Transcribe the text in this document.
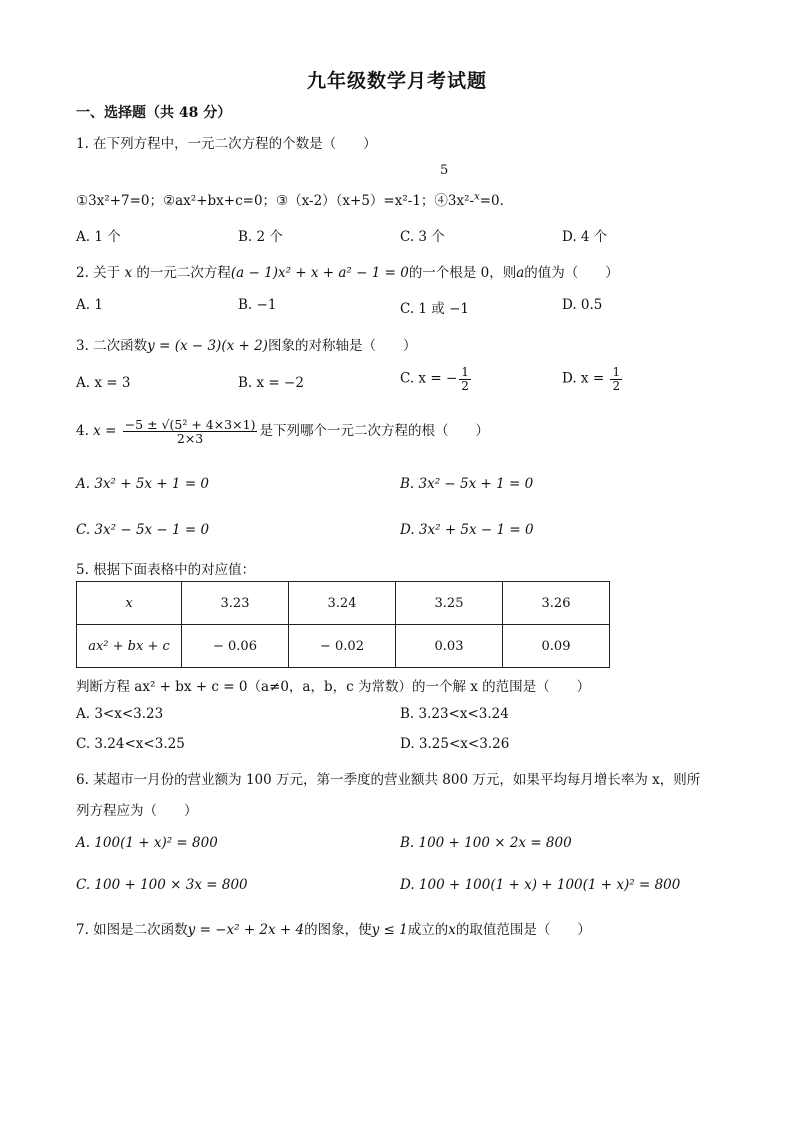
九年级数学月考试题
一、选择题（共 48 分）
1. 在下列方程中，一元二次方程的个数是（　　）
5
①3x²+7=0；②ax²+bx+c=0；③（x-2）（x+5）=x²-1；④3x²-$^x$=0.
A. 1 个	B. 2 个	C. 3 个	D. 4 个
2. 关于 x 的一元二次方程(a − 1)x² + x + a² − 1 = 0的一个根是 0，则a的值为（　　）
A. 1	B. −1	C. 1 或 −1	D. 0.5
3. 二次函数y = (x − 3)(x + 2)图象的对称轴是（　　）
A. x = 3	B. x = −2	C. x = − $\frac{1}{2}$	D. $x = \frac{1}{2}$
4. $x = \frac{\text{−5 ± √(5² + 4×3×1)}}{2\times 3}$ 是下列哪个一元二次方程的根（　　）
A. 3x² + 5x + 1 = 0	B. 3x² − 5x + 1 = 0
C. 3x² − 5x − 1 = 0	D. 3x² + 5x − 1 = 0
5. 根据下面表格中的对应值：
x	3.23	3.24	3.25	3.26
ax² + bx + c	− 0.06	− 0.02	0.03	0.09
判断方程 ax² + bx + c = 0（a≠0，a，b，c 为常数）的一个解 x 的范围是（　　）
A. 3<x<3.23	B. 3.23<x<3.24
C. 3.24<x<3.25	D. 3.25<x<3.26
6. 某超市一月份的营业额为 100 万元，第一季度的营业额共 800 万元，如果平均每月增长率为 x，则所
列方程应为（　　）
A. 100(1 + x)² = 800	B. 100 + 100 × 2x = 800
C. 100 + 100 × 3x = 800	D. 100 + 100(1 + x) + 100(1 + x)² = 800
7. 如图是二次函数y = −x² + 2x + 4的图象，使y ≤ 1成立的x的取值范围是（　　）
